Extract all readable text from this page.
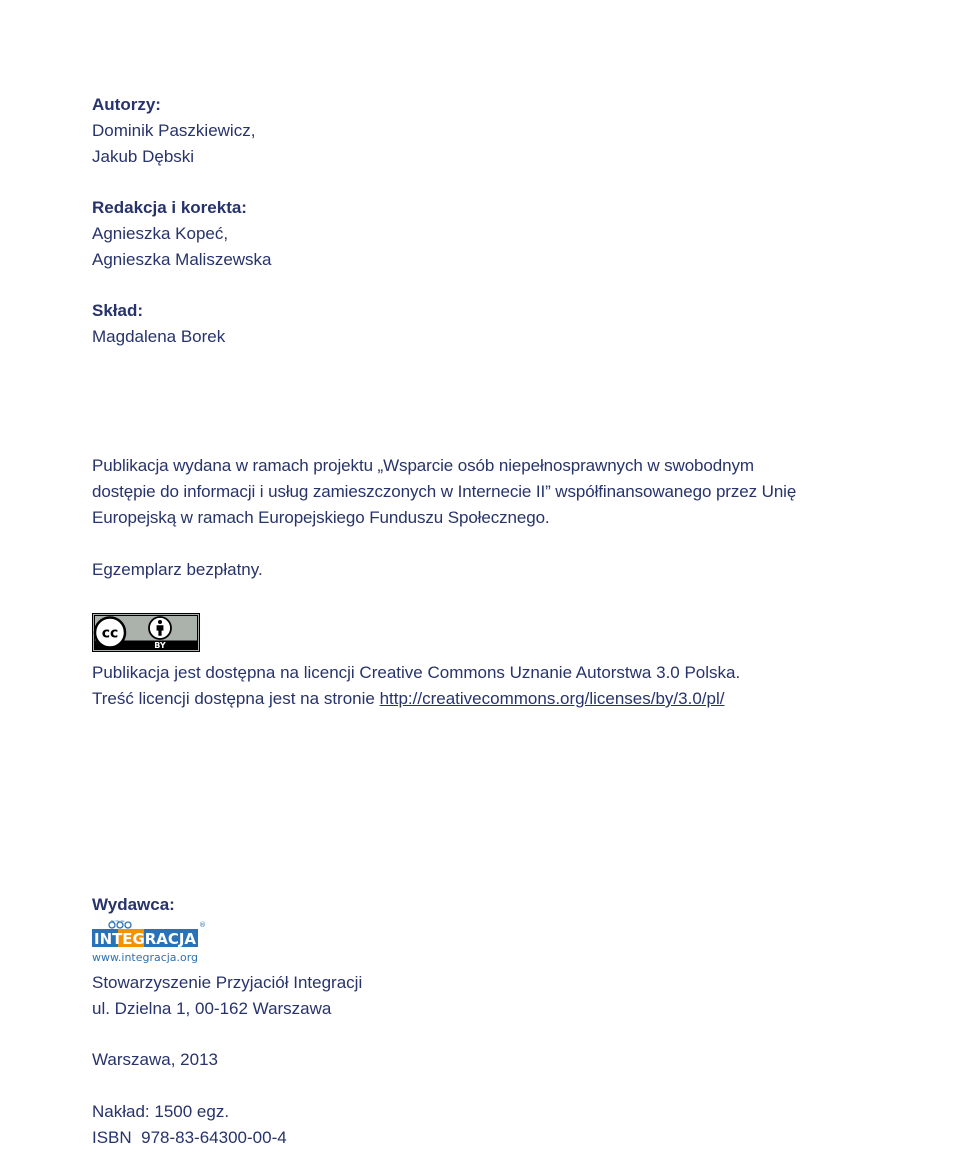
Autorzy:
Dominik Paszkiewicz,
Jakub Dębski
Redakcja i korekta:
Agnieszka Kopeć,
Agnieszka Maliszewska
Skład:
Magdalena Borek
Publikacja wydana w ramach projektu „Wsparcie osób niepełnosprawnych w swobodnym
dostępie do informacji i usług zamieszczonych w Internecie II” współfinansowanego przez Unię
Europejską w ramach Europejskiego Funduszu Społecznego.
Egzemplarz bezpłatny.
cc
BY
Publikacja jest dostępna na licencji Creative Commons Uznanie Autorstwa 3.0 Polska.
Treść licencji dostępna jest na stronie http://creativecommons.org/licenses/by/3.0/pl/
Wydawca:
~~~
INTEGRACJA
®
www.integracja.org
Stowarzyszenie Przyjaciół Integracji
ul. Dzielna 1, 00-162 Warszawa
Warszawa, 2013
Nakład: 1500 egz.
ISBN  978-83-64300-00-4
